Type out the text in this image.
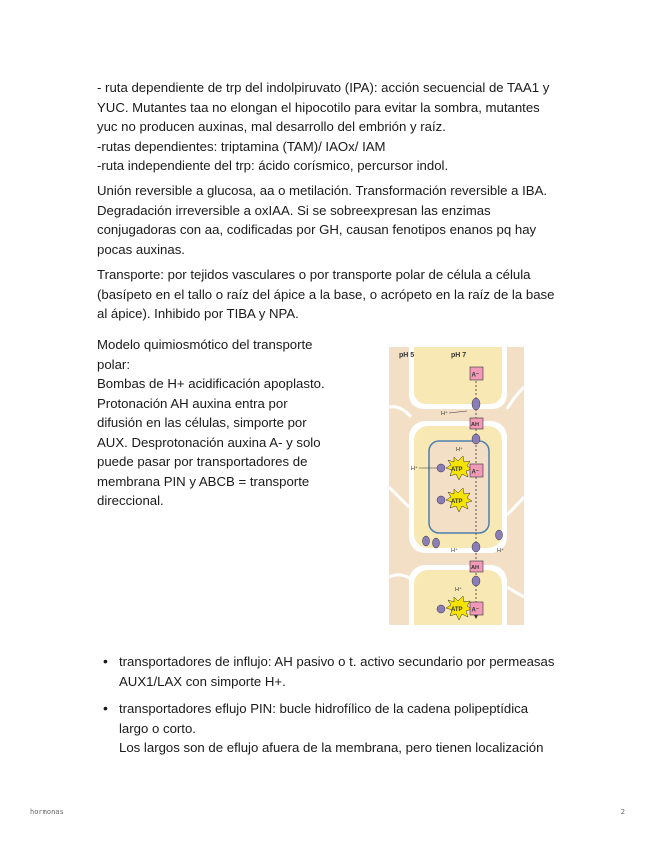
- ruta dependiente de trp del indolpiruvato (IPA): acción secuencial de TAA1 y
YUC. Mutantes taa no elongan el hipocotilo para evitar la sombra, mutantes
yuc no producen auxinas, mal desarrollo del embrión y raíz.
-rutas dependientes: triptamina (TAM)/ IAOx/ IAM
-ruta independiente del trp: ácido corísmico, percursor indol.
Unión reversible a glucosa, aa o metilación. Transformación reversible a IBA.
Degradación irreversible a oxIAA. Si se sobreexpresan las enzimas
conjugadoras con aa, codificadas por GH, causan fenotipos enanos pq hay
pocas auxinas.
Transporte: por tejidos vasculares o por transporte polar de célula a célula
(basípeto en el tallo o raíz del ápice a la base, o acrópeto en la raíz de la base
al ápice). Inhibido por TIBA y NPA.
Modelo quimiosmótico del transporte
polar:
Bombas de H+ acidificación apoplasto.
Protonación AH auxina entra por
difusión en las células, simporte por
AUX. Desprotonación auxina A- y solo
puede pasar por transportadores de
membrana PIN y ABCB = transporte
direccional.
pH 5	pH 7
A⁻
H⁺
AH
ATP
H⁺
H⁺
A⁻
ATP
H⁺	H⁺
AH
H⁺
ATP A⁻
• transportadores de influjo: AH pasivo o t. activo secundario por permeasas
AUX1/LAX con simporte H+.
• transportadores eflujo PIN: bucle hidrofílico de la cadena polipeptídica
largo o corto.
Los largos son de eflujo afuera de la membrana, pero tienen localización
hormonas	2
